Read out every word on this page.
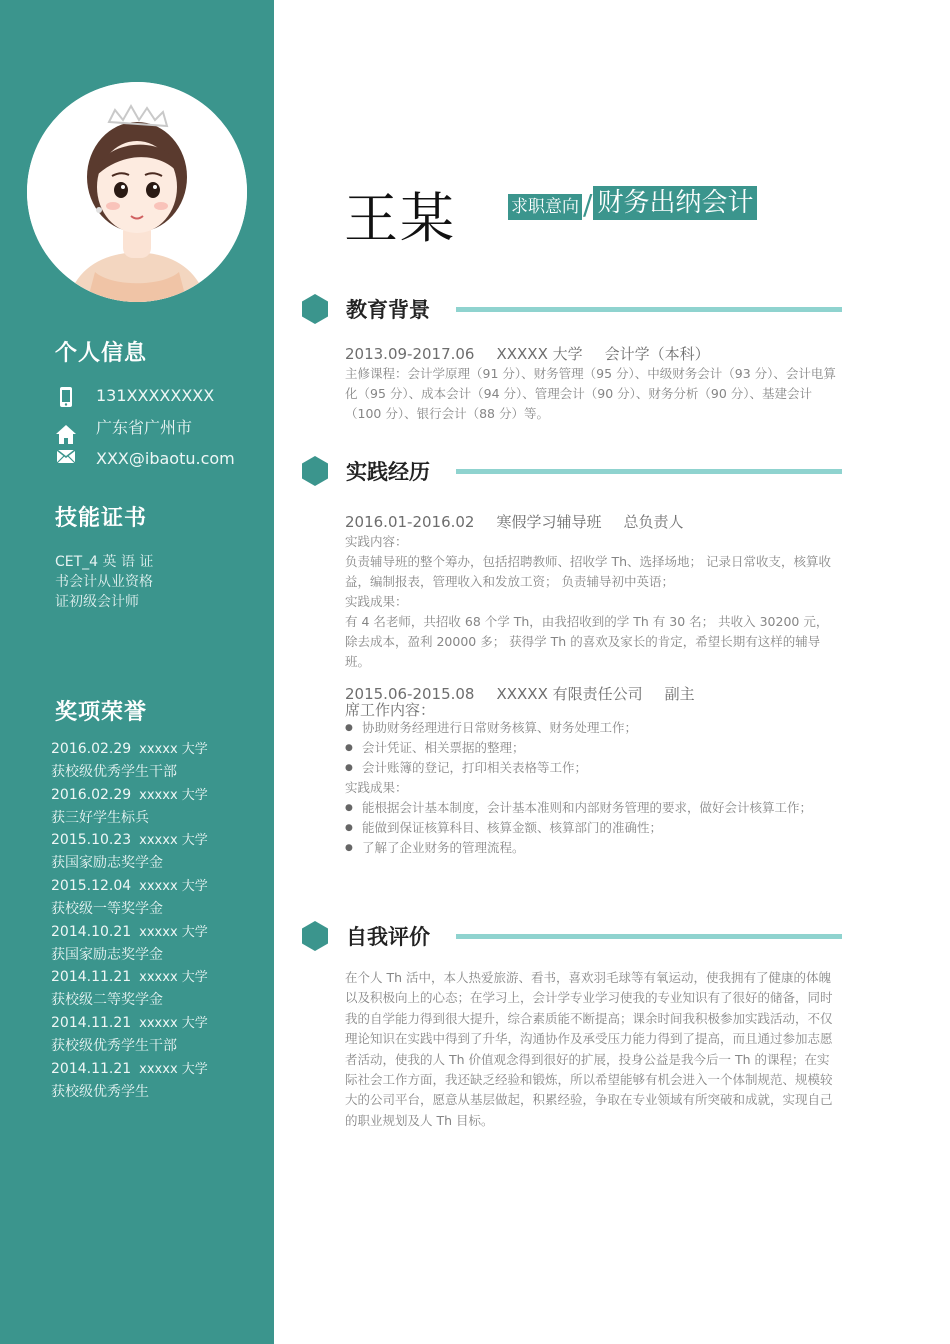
个人信息
131XXXXXXXX
广东省广州市
XXX@ibaotu.com
技能证书
CET_4 英 语 证
书会计从业资格
证初级会计师
奖项荣誉
2016.02.29 xxxxx 大学
获校级优秀学生干部
2016.02.29 xxxxx 大学
获三好学生标兵
2015.10.23 xxxxx 大学
获国家励志奖学金
2015.12.04 xxxxx 大学
获校级一等奖学金
2014.10.21 xxxxx 大学
获国家励志奖学金
2014.11.21 xxxxx 大学
获校级二等奖学金
2014.11.21 xxxxx 大学
获校级优秀学生干部
2014.11.21 xxxxx 大学
获校级优秀学生
王某	求职意向 / 财务出纳会计
教育背景
2013.09-2017.06 XXXXX 大学 会计学（本科）
主修课程：会计学原理（91 分）、财务管理（95 分）、中级财务会计（93 分）、会计电算化（95 分）、成本会计（94 分）、管理会计（90 分）、财务分析（90 分）、基建会计（100 分）、银行会计（88 分）等。
实践经历
2016.01-2016.02 寒假学习辅导班 总负责人

实践内容：

负责辅导班的整个筹办，包括招聘教师、招收学 Th、选择场地； 记录日常收支，核算收益，编制报表，管理收入和发放工资； 负责辅导初中英语；

实践成果：

有 4 名老师，共招收 68 个学 Th，由我招收到的学 Th 有 30 名； 共收入 30200 元，除去成本，盈利 20000 多； 获得学 Th 的喜欢及家长的肯定，希望长期有这样的辅导班。

2015.06-2015.08 XXXXX 有限责任公司 副主
席工作内容：
● 协助财务经理进行日常财务核算、财务处理工作；
● 会计凭证、相关票据的整理；
● 会计账簿的登记，打印相关表格等工作；

实践成果：

● 能根据会计基本制度，会计基本准则和内部财务管理的要求，做好会计核算工作；
● 能做到保证核算科目、核算金额、核算部门的准确性；
● 了解了企业财务的管理流程。
自我评价
在个人 Th 活中，本人热爱旅游、看书，喜欢羽毛球等有氧运动，使我拥有了健康的体魄以及积极向上的心态；在学习上，会计学专业学习使我的专业知识有了很好的储备，同时我的自学能力得到很大提升，综合素质能不断提高；课余时间我积极参加实践活动，不仅理论知识在实践中得到了升华，沟通协作及承受压力能力得到了提高，而且通过参加志愿者活动，使我的人 Th 价值观念得到很好的扩展，投身公益是我今后一 Th 的课程；在实际社会工作方面，我还缺乏经验和锻炼，所以希望能够有机会进入一个体制规范、规模较大的公司平台，愿意从基层做起，积累经验，争取在专业领域有所突破和成就，实现自己的职业规划及人 Th 目标。
